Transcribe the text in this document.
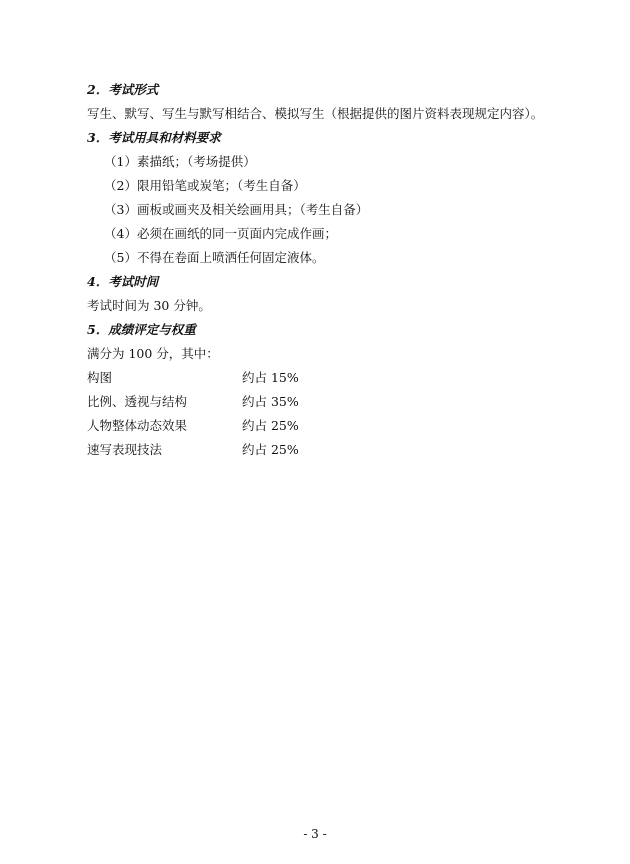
2．考试形式
写生、默写、写生与默写相结合、模拟写生（根据提供的图片资料表现规定内容）。
3．考试用具和材料要求
（1）素描纸；（考场提供）
（2）限用铅笔或炭笔；（考生自备）
（3）画板或画夹及相关绘画用具；（考生自备）
（4）必须在画纸的同一页面内完成作画；
（5）不得在卷面上喷洒任何固定液体。
4．考试时间
考试时间为 30 分钟。
5．成绩评定与权重
满分为 100 分，其中：
构图	约占 15%
比例、透视与结构	约占 35%
人物整体动态效果	约占 25%
速写表现技法	约占 25%
- 3 -
